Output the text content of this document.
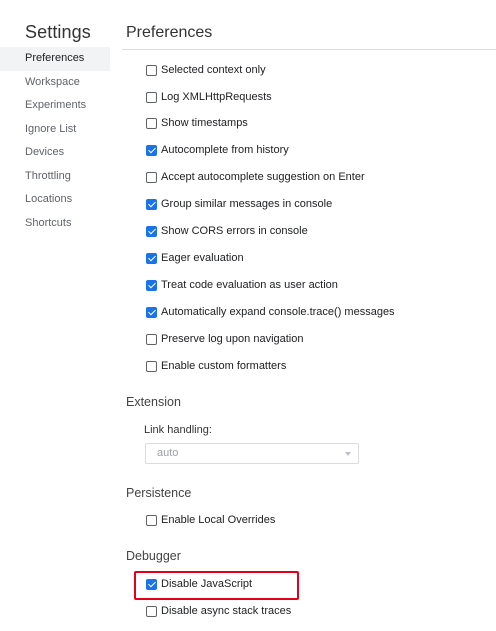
Settings
Preferences
Workspace
Experiments
Ignore List
Devices
Throttling
Locations
Shortcuts
Preferences
Selected context only
Log XMLHttpRequests
Show timestamps
Autocomplete from history
Accept autocomplete suggestion on Enter
Group similar messages in console
Show CORS errors in console
Eager evaluation
Treat code evaluation as user action
Automatically expand console.trace() messages
Preserve log upon navigation
Enable custom formatters
Extension
Link handling:
auto
Persistence
Enable Local Overrides
Debugger
Disable JavaScript
Disable async stack traces
